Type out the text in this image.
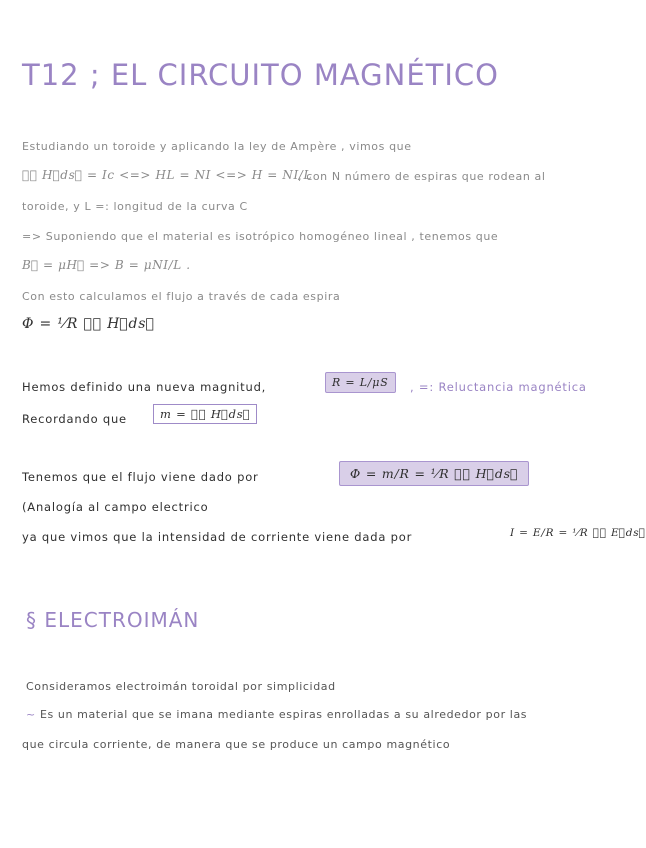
T12 ; EL CIRCUITO MAGNÉTICO
Estudiando un toroide y aplicando la ley de Ampère , vimos que
∮꜀ H⃗ds⃗ = Ic <=> HL = NI <=> H = NI/L
, con N número de espiras que rodean al
toroide, y L =: longitud de la curva C
=> Suponiendo que el material es isotrópico homogéneo lineal , tenemos que
B⃗ = μH⃗ => B = μNI/L .
Con esto calculamos el flujo a través de cada espira
Φ = ¹⁄R ∮꜀ H⃗ds⃗
Hemos definido una nueva magnitud,	R = L/μS	, =: Reluctancia magnética
Recordando que	m = ∮꜀ H⃗ds⃗
Tenemos que el flujo viene dado por	Φ = m/R = ¹⁄R ∮꜀ H⃗ds⃗
(Analogía al campo electrico
ya que vimos que la intensidad de corriente viene dada por	I = E/R = ¹⁄R ∮꜀ E⃗ds⃗
§ ELECTROIMÁN
Consideramos electroimán toroidal por simplicidad
~ Es un material que se imana mediante espiras enrolladas a su alrededor por las
que circula corriente, de manera que se produce un campo magnético
